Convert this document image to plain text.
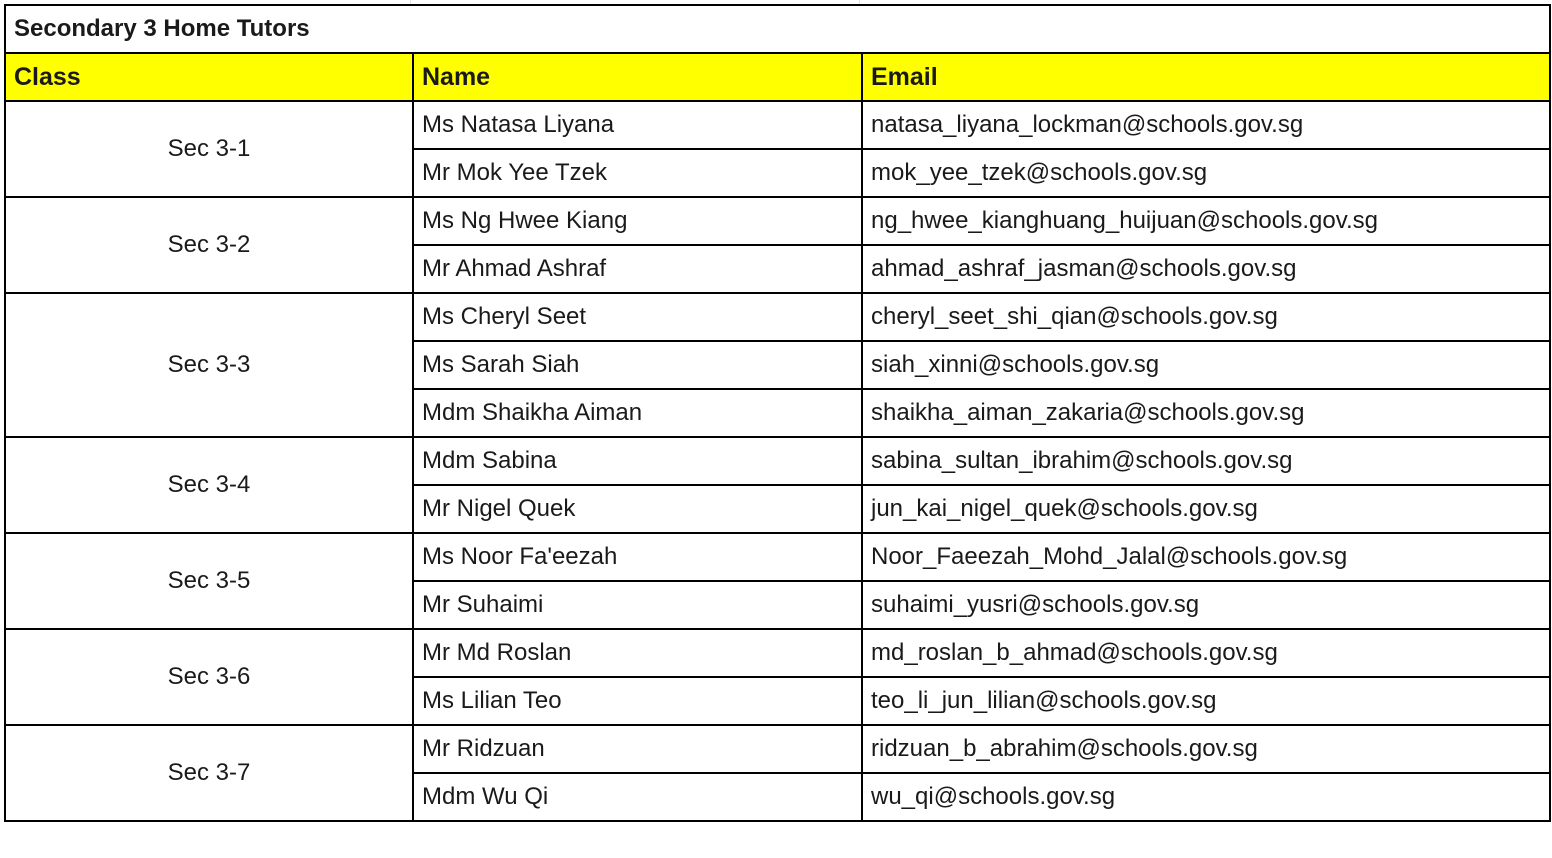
Secondary 3 Home Tutors		
Class	Name	Email
Sec 3-1	Ms Natasa Liyana	natasa_liyana_lockman@schools.gov.sg
	Mr Mok Yee Tzek	mok_yee_tzek@schools.gov.sg
Sec 3-2	Ms Ng Hwee Kiang	ng_hwee_kianghuang_huijuan@schools.gov.sg
	Mr Ahmad Ashraf	ahmad_ashraf_jasman@schools.gov.sg
Sec 3-3	Ms Cheryl Seet	cheryl_seet_shi_qian@schools.gov.sg
	Ms Sarah Siah	siah_xinni@schools.gov.sg
	Mdm Shaikha Aiman	shaikha_aiman_zakaria@schools.gov.sg
Sec 3-4	Mdm Sabina	sabina_sultan_ibrahim@schools.gov.sg
	Mr Nigel Quek	jun_kai_nigel_quek@schools.gov.sg
Sec 3-5	Ms Noor Fa'eezah	Noor_Faeezah_Mohd_Jalal@schools.gov.sg
	Mr Suhaimi	suhaimi_yusri@schools.gov.sg
Sec 3-6	Mr Md Roslan	md_roslan_b_ahmad@schools.gov.sg
	Ms Lilian Teo	teo_li_jun_lilian@schools.gov.sg
Sec 3-7	Mr Ridzuan	ridzuan_b_abrahim@schools.gov.sg
	Mdm Wu Qi	wu_qi@schools.gov.sg
